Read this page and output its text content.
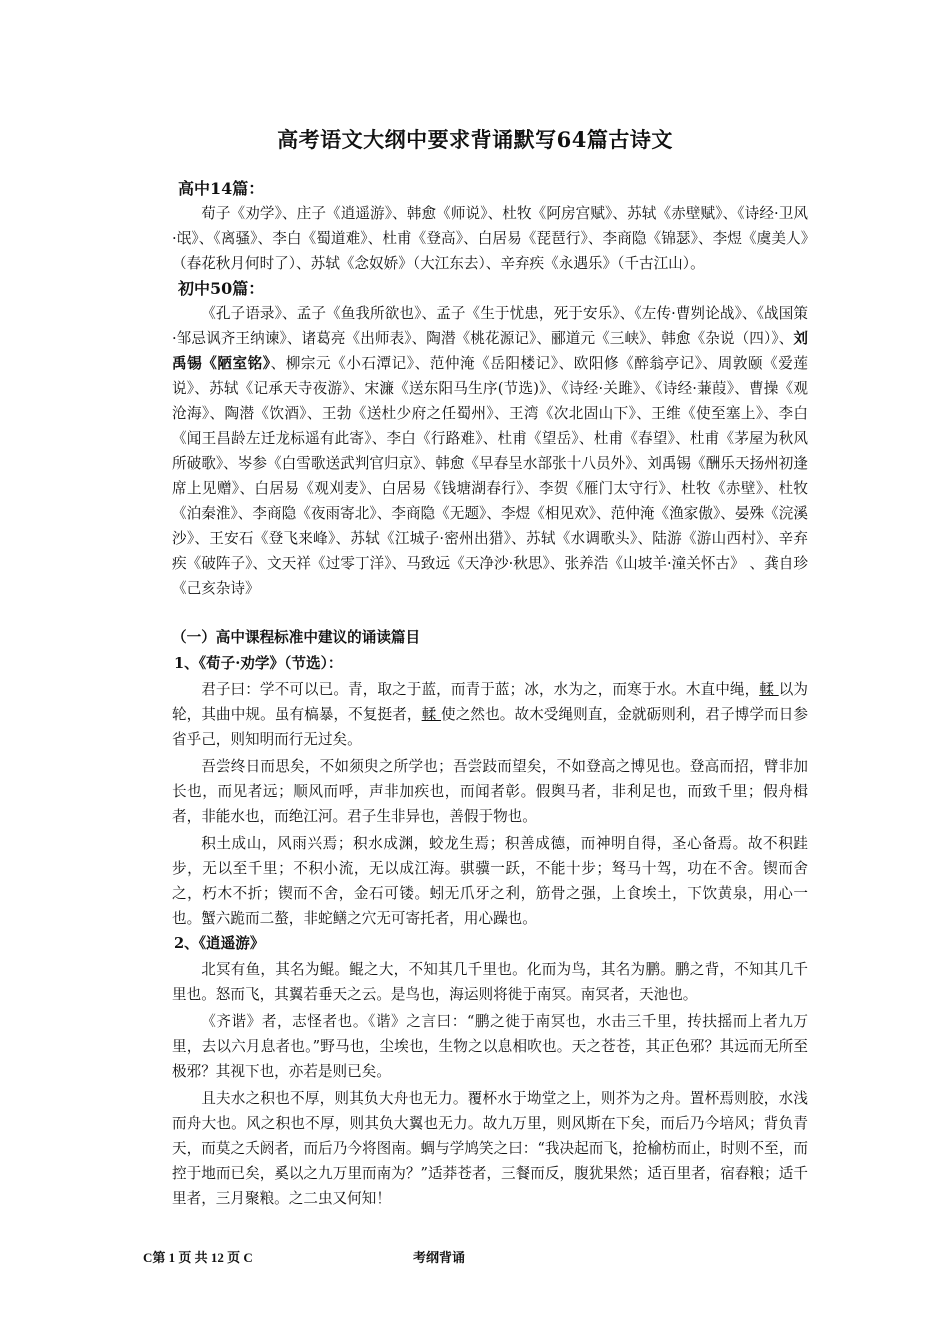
高考语文大纲中要求背诵默写64篇古诗文

高中14篇：

荀子《劝学》、庄子《逍遥游》、韩愈《师说》、杜牧《阿房宫赋》、苏轼《赤壁赋》、《诗经·卫风·氓》、《离骚》、李白《蜀道难》、杜甫《登高》、白居易《琵琶行》、李商隐《锦瑟》、李煜《虞美人》（春花秋月何时了）、苏轼《念奴娇》（大江东去）、辛弃疾《永遇乐》（千古江山）。

初中50篇：

《孔子语录》、孟子《鱼我所欲也》、孟子《生于忧患，死于安乐》、《左传·曹刿论战》、《战国策·邹忌讽齐王纳谏》、诸葛亮《出师表》、陶潜《桃花源记》、郦道元《三峡》、韩愈《杂说（四）》、刘禹锡《陋室铭》、柳宗元《小石潭记》、范仲淹《岳阳楼记》、欧阳修《醉翁亭记》、周敦颐《爱莲说》、苏轼《记承天寺夜游》、宋濂《送东阳马生序(节选)》、《诗经·关雎》、《诗经·蒹葭》、曹操《观沧海》、陶潜《饮酒》、王勃《送杜少府之任蜀州》、王湾《次北固山下》、王维《使至塞上》、李白《闻王昌龄左迁龙标遥有此寄》、李白《行路难》、杜甫《望岳》、杜甫《春望》、杜甫《茅屋为秋风所破歌》、岑参《白雪歌送武判官归京》、韩愈《早春呈水部张十八员外》、刘禹锡《酬乐天扬州初逢席上见赠》、白居易《观刈麦》、白居易《钱塘湖春行》、李贺《雁门太守行》、杜牧《赤壁》、杜牧《泊秦淮》、李商隐《夜雨寄北》、李商隐《无题》、李煜《相见欢》、范仲淹《渔家傲》、晏殊《浣溪沙》、王安石《登飞来峰》、苏轼《江城子·密州出猎》、苏轼《水调歌头》、陆游《游山西村》、辛弃疾《破阵子》、文天祥《过零丁洋》、马致远《天净沙·秋思》、张养浩《山坡羊·潼关怀古》 、龚自珍《己亥杂诗》

（一）高中课程标准中建议的诵读篇目

1、《荀子·劝学》（节选）：

君子曰：学不可以已。青，取之于蓝，而青于蓝；冰，水为之，而寒于水。木直中绳，輮 以为轮，其曲中规。虽有槁暴，不复挺者，輮 使之然也。故木受绳则直，金就砺则利，君子博学而日参省乎己，则知明而行无过矣。

吾尝终日而思矣，不如须臾之所学也；吾尝跂而望矣，不如登高之博见也。登高而招，臂非加长也，而见者远；顺风而呼，声非加疾也，而闻者彰。假舆马者，非利足也，而致千里；假舟楫者，非能水也，而绝江河。君子生非异也，善假于物也。

积土成山，风雨兴焉；积水成渊，蛟龙生焉；积善成德，而神明自得，圣心备焉。故不积跬步，无以至千里；不积小流，无以成江海。骐骥一跃，不能十步；驽马十驾，功在不舍。锲而舍之，朽木不折；锲而不舍，金石可镂。蚓无爪牙之利，筋骨之强，上食埃土，下饮黄泉，用心一也。蟹六跪而二螯，非蛇鳝之穴无可寄托者，用心躁也。

2、《逍遥游》

北冥有鱼，其名为鲲。鲲之大，不知其几千里也。化而为鸟，其名为鹏。鹏之背，不知其几千里也。怒而飞，其翼若垂天之云。是鸟也，海运则将徙于南冥。南冥者，天池也。

《齐谐》者，志怪者也。《谐》之言曰：“鹏之徙于南冥也，水击三千里，抟扶摇而上者九万里，去以六月息者也。”野马也，尘埃也，生物之以息相吹也。天之苍苍，其正色邪？其远而无所至极邪？其视下也，亦若是则已矣。

且夫水之积也不厚，则其负大舟也无力。覆杯水于坳堂之上，则芥为之舟。置杯焉则胶，水浅而舟大也。风之积也不厚，则其负大翼也无力。故九万里，则风斯在下矣，而后乃今培风；背负青天，而莫之夭阏者，而后乃今将图南。蜩与学鸠笑之曰：“我决起而飞，抢榆枋而止，时则不至，而控于地而已矣，奚以之九万里而南为？”适莽苍者，三餐而反，腹犹果然；适百里者，宿舂粮；适千里者，三月聚粮。之二虫又何知！

C第 1 页 共 12 页 C	考纲背诵
